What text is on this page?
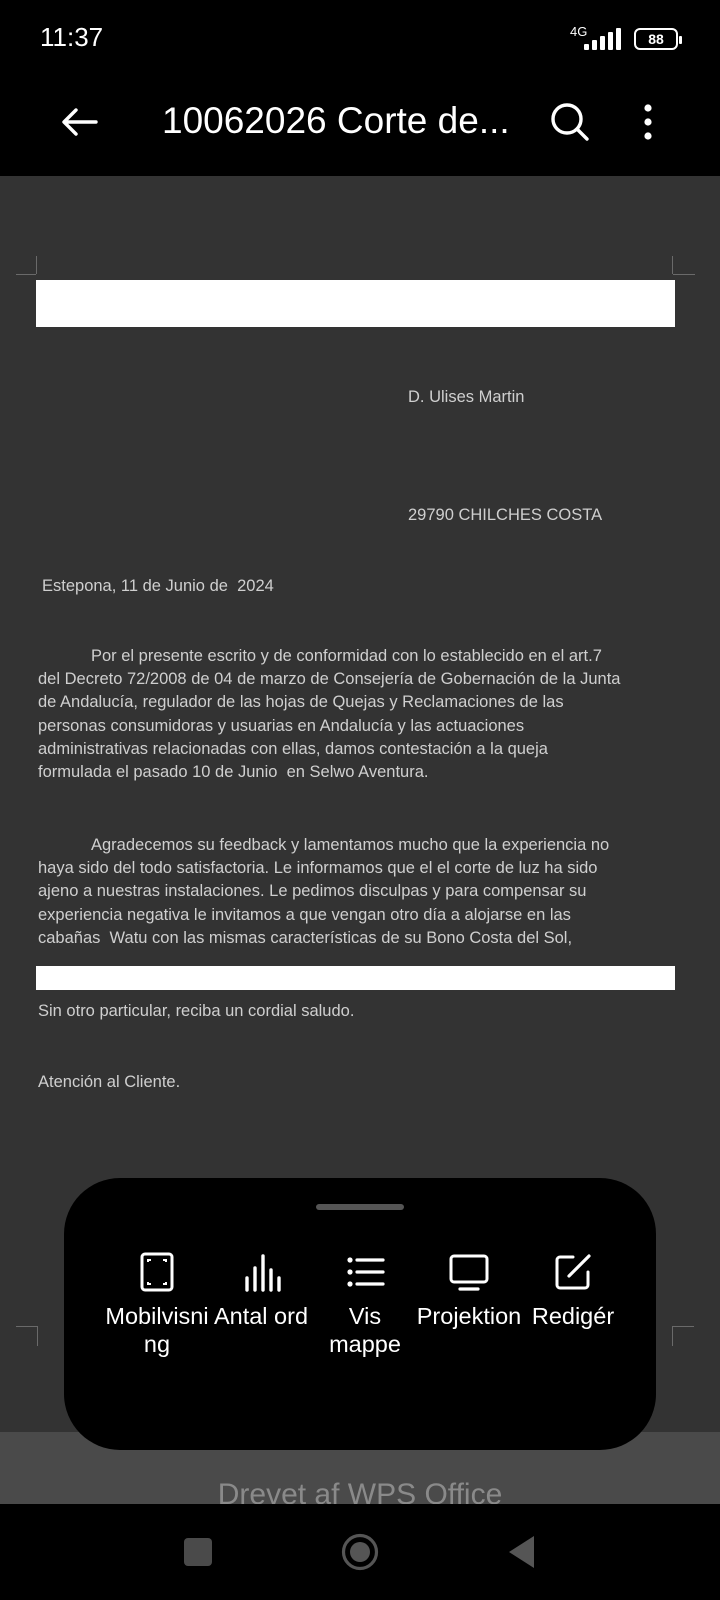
11:37	4G	88
10062026 Corte de...
D. Ulises Martin
29790 CHILCHES COSTA
Estepona, 11 de Junio de  2024
Por el presente escrito y de conformidad con lo establecido en el art.7
del Decreto 72/2008 de 04 de marzo de Consejería de Gobernación de la Junta
de Andalucía, regulador de las hojas de Quejas y Reclamaciones de las
personas consumidoras y usuarias en Andalucía y las actuaciones
administrativas relacionadas con ellas, damos contestación a la queja
formulada el pasado 10 de Junio  en Selwo Aventura.
Agradecemos su feedback y lamentamos mucho que la experiencia no
haya sido del todo satisfactoria. Le informamos que el el corte de luz ha sido
ajeno a nuestras instalaciones. Le pedimos disculpas y para compensar su
experiencia negativa le invitamos a que vengan otro día a alojarse en las
cabañas  Watu con las mismas características de su Bono Costa del Sol,
Sin otro particular, reciba un cordial saludo.
Atención al Cliente.
Drevet af WPS Office
Mobilvisning
Antal ord	Vis mappe
Projektion Redigér
